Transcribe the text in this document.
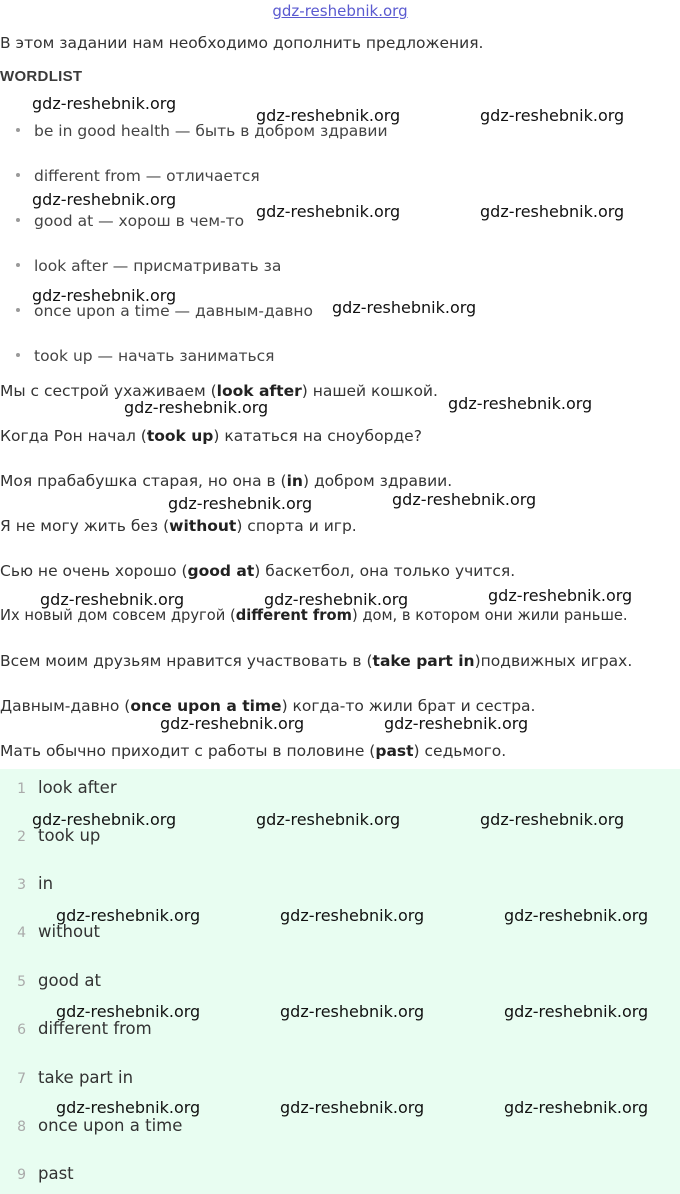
gdz-reshebnik.org
В этом задании нам необходимо дополнить предложения.
WORDLIST
be in good health — быть в добром здравии
different from — отличается
good at — хорош в чем-то
look after — присматривать за
once upon a time — давным-давно
took up — начать заниматься
Мы с сестрой ухаживаем (look after) нашей кошкой.
Когда Рон начал (took up) кататься на сноуборде?
Моя прабабушка старая, но она в (in) добром здравии.
Я не могу жить без (without) спорта и игр.
Сью не очень хорошо (good at) баскетбол, она только учится.
Их новый дом совсем другой (different from) дом, в котором они жили раньше.
Всем моим друзьям нравится участвовать в (take part in)подвижных играх.
Давным-давно (once upon a time) когда-то жили брат и сестра.
Мать обычно приходит с работы в половине (past) седьмого.
1 look after
2 took up
3 in
4 without
5 good at
6 different from
7 take part in
8 once upon a time
9 past
gdz-reshebnik.org
gdz-reshebnik.org	gdz-reshebnik.org
gdz-reshebnik.org
gdz-reshebnik.org	gdz-reshebnik.org
gdz-reshebnik.org
gdz-reshebnik.org
gdz-reshebnik.org	gdz-reshebnik.org
gdz-reshebnik.org	gdz-reshebnik.org
gdz-reshebnik.org	gdz-reshebnik.org	gdz-reshebnik.org
gdz-reshebnik.org	gdz-reshebnik.org
gdz-reshebnik.org	gdz-reshebnik.org	gdz-reshebnik.org
gdz-reshebnik.org	gdz-reshebnik.org	gdz-reshebnik.org
gdz-reshebnik.org	gdz-reshebnik.org	gdz-reshebnik.org
gdz-reshebnik.org	gdz-reshebnik.org	gdz-reshebnik.org
